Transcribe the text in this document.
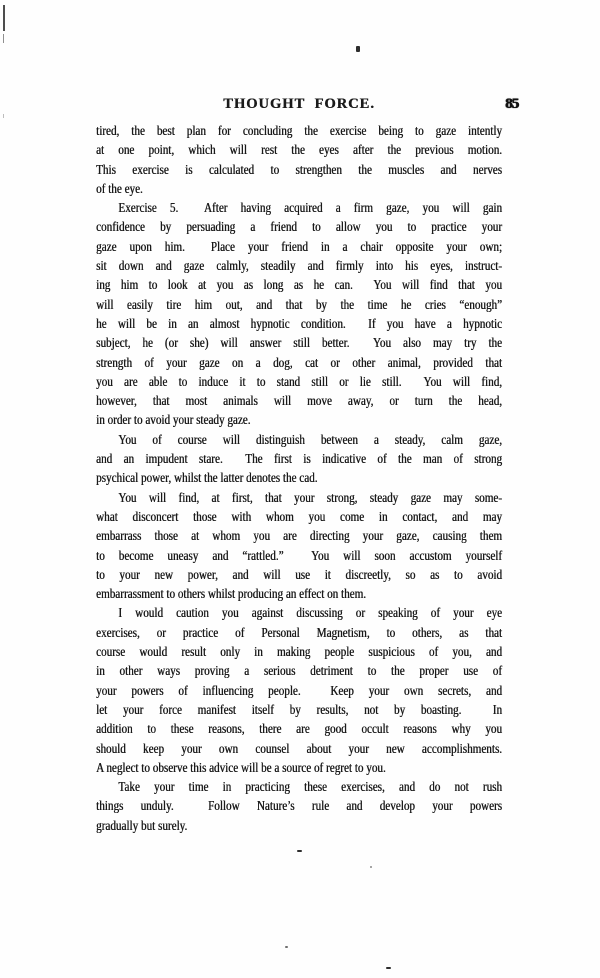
THOUGHT FORCE.	85
tired, the best plan for concluding the exercise being to gaze intently
at one point, which will rest the eyes after the previous motion.
This exercise is calculated to strengthen the muscles and nerves
of the eye.
Exercise 5.  After having acquired a firm gaze, you will gain
confidence by persuading a friend to allow you to practice your
gaze upon him.  Place your friend in a chair opposite your own;
sit down and gaze calmly, steadily and firmly into his eyes, instruct-
ing him to look at you as long as he can.  You will find that you
will easily tire him out, and that by the time he cries “enough”
he will be in an almost hypnotic condition.  If you have a hypnotic
subject, he (or she) will answer still better.  You also may try the
strength of your gaze on a dog, cat or other animal, provided that
you are able to induce it to stand still or lie still.  You will find,
however, that most animals will move away, or turn the head,
in order to avoid your steady gaze.
You of course will distinguish between a steady, calm gaze,
and an impudent stare.  The first is indicative of the man of strong
psychical power, whilst the latter denotes the cad.
You will find, at first, that your strong, steady gaze may some-
what disconcert those with whom you come in contact, and may
embarrass those at whom you are directing your gaze, causing them
to become uneasy and “rattled.”  You will soon accustom yourself
to your new power, and will use it discreetly, so as to avoid
embarrassment to others whilst producing an effect on them.
I would caution you against discussing or speaking of your eye
exercises, or practice of Personal Magnetism, to others, as that
course would result only in making people suspicious of you, and
in other ways proving a serious detriment to the proper use of
your powers of influencing people.  Keep your own secrets, and
let your force manifest itself by results, not by boasting.  In
addition to these reasons, there are good occult reasons why you
should keep your own counsel about your new accomplishments.
A neglect to observe this advice will be a source of regret to you.
Take your time in practicing these exercises, and do not rush
things unduly.  Follow Nature’s rule and develop your powers
gradually but surely.
